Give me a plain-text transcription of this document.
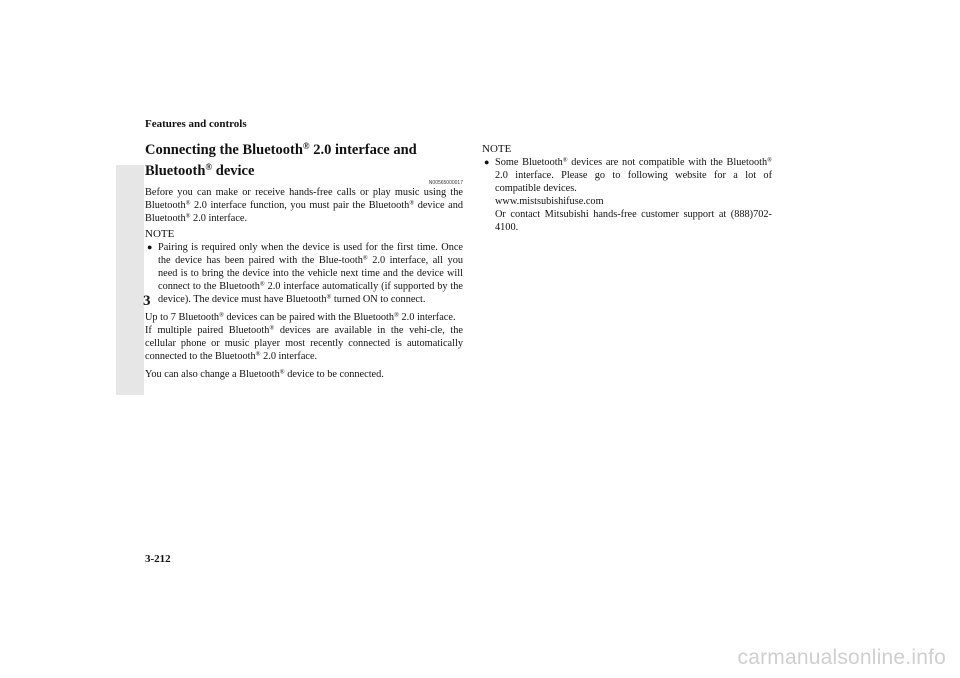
Features and controls
3
Connecting the Bluetooth® 2.0 interface and
Bluetooth® device
N00565000017

Before you can make or receive hands-free calls or play music using the Bluetooth® 2.0 interface function, you must pair the Bluetooth® device and Bluetooth® 2.0 interface.

NOTE
● Pairing is required only when the device is used for the first time. Once the device has been paired with the Blue-tooth® 2.0 interface, all you need is to bring the device into the vehicle next time and the device will connect to the Bluetooth® 2.0 interface automatically (if supported by the device). The device must have Bluetooth® turned ON to connect.

Up to 7 Bluetooth® devices can be paired with the Bluetooth® 2.0 interface.

If multiple paired Bluetooth® devices are available in the vehi-cle, the cellular phone or music player most recently connected is automatically connected to the Bluetooth® 2.0 interface.

You can also change a Bluetooth® device to be connected.

NOTE
● Some Bluetooth® devices are not compatible with the Bluetooth® 2.0 interface. Please go to following website for a lot of compatible devices.

www.mistsubishifuse.com

Or contact Mitsubishi hands-free customer support at (888)702-4100.

3-212
carmanualsonline.info
